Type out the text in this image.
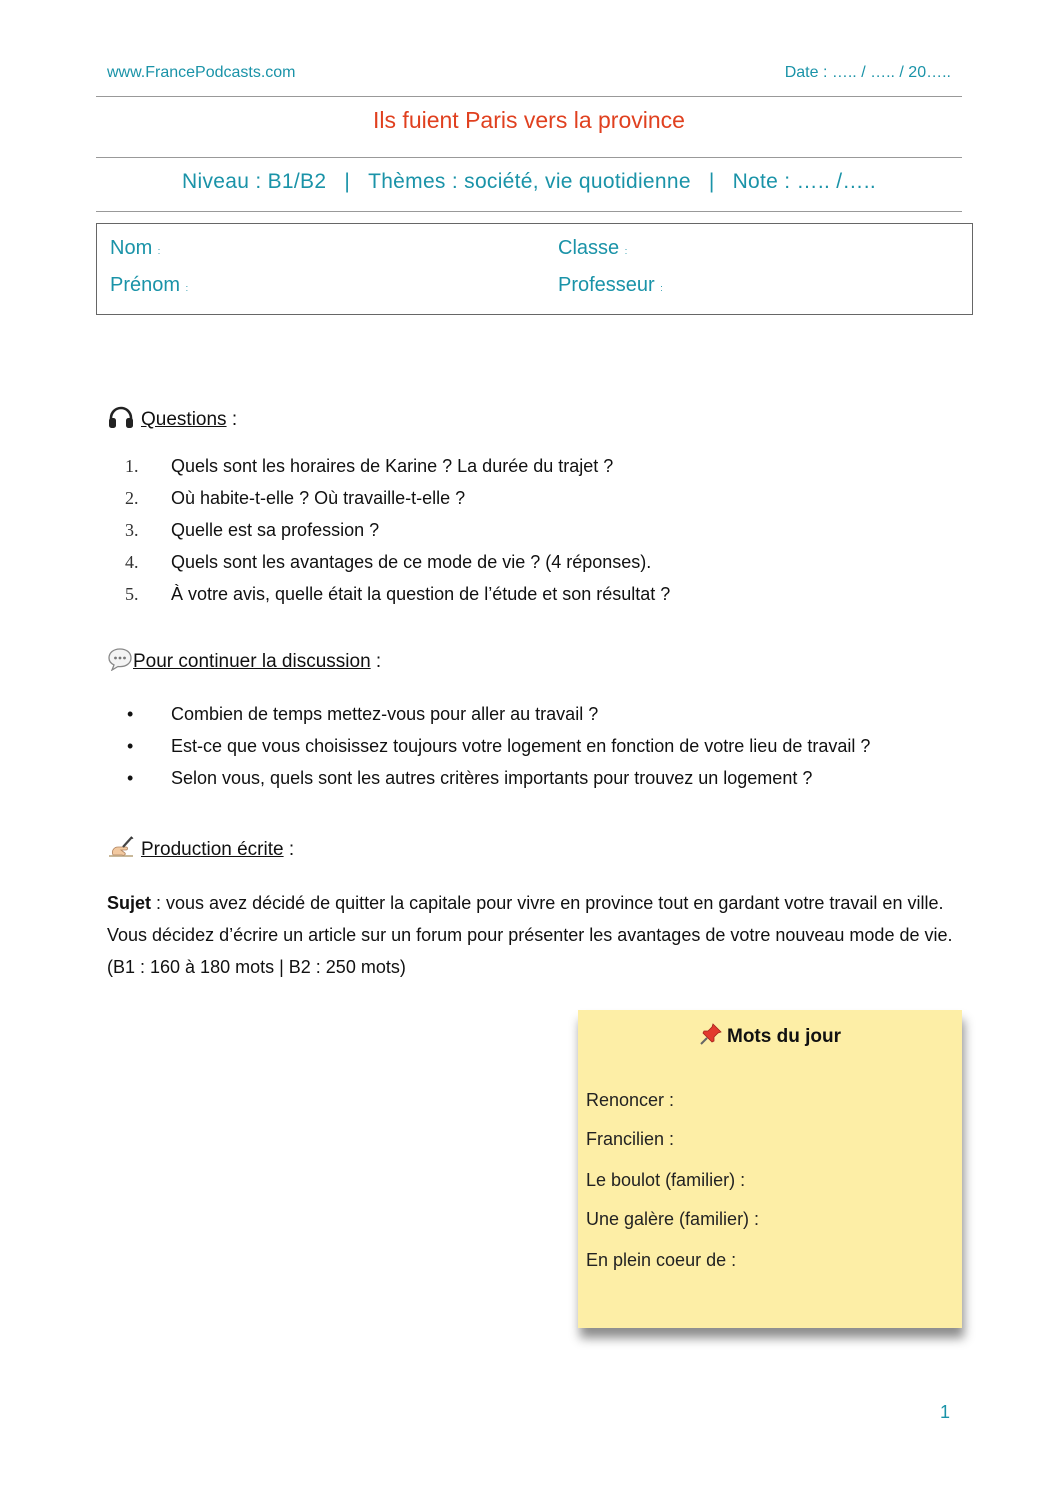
www.FrancePodcasts.com	Date : ….. / ….. / 20…..
Ils fuient Paris vers la province
Niveau : B1/B2 | Thèmes : société, vie quotidienne | Note : ….. /…..
Nom :
Prénom :
Classe :
Professeur :
Questions :
1. Quels sont les horaires de Karine ? La durée du trajet ?
2. Où habite-t-elle ? Où travaille-t-elle ?
3. Quelle est sa profession ?
4. Quels sont les avantages de ce mode de vie ? (4 réponses).
5. À votre avis, quelle était la question de l’étude et son résultat ?
Pour continuer la discussion :
• Combien de temps mettez-vous pour aller au travail ?
• Est-ce que vous choisissez toujours votre logement en fonction de votre lieu de travail ?
• Selon vous, quels sont les autres critères importants pour trouvez un logement ?
Production écrite :
Sujet : vous avez décidé de quitter la capitale pour vivre en province tout en gardant votre travail en ville. Vous décidez d’écrire un article sur un forum pour présenter les avantages de votre nouveau mode de vie. (B1 : 160 à 180 mots | B2 : 250 mots)
Mots du jour
Renoncer :
Francilien :
Le boulot (familier) :
Une galère (familier) :
En plein coeur de :
1
